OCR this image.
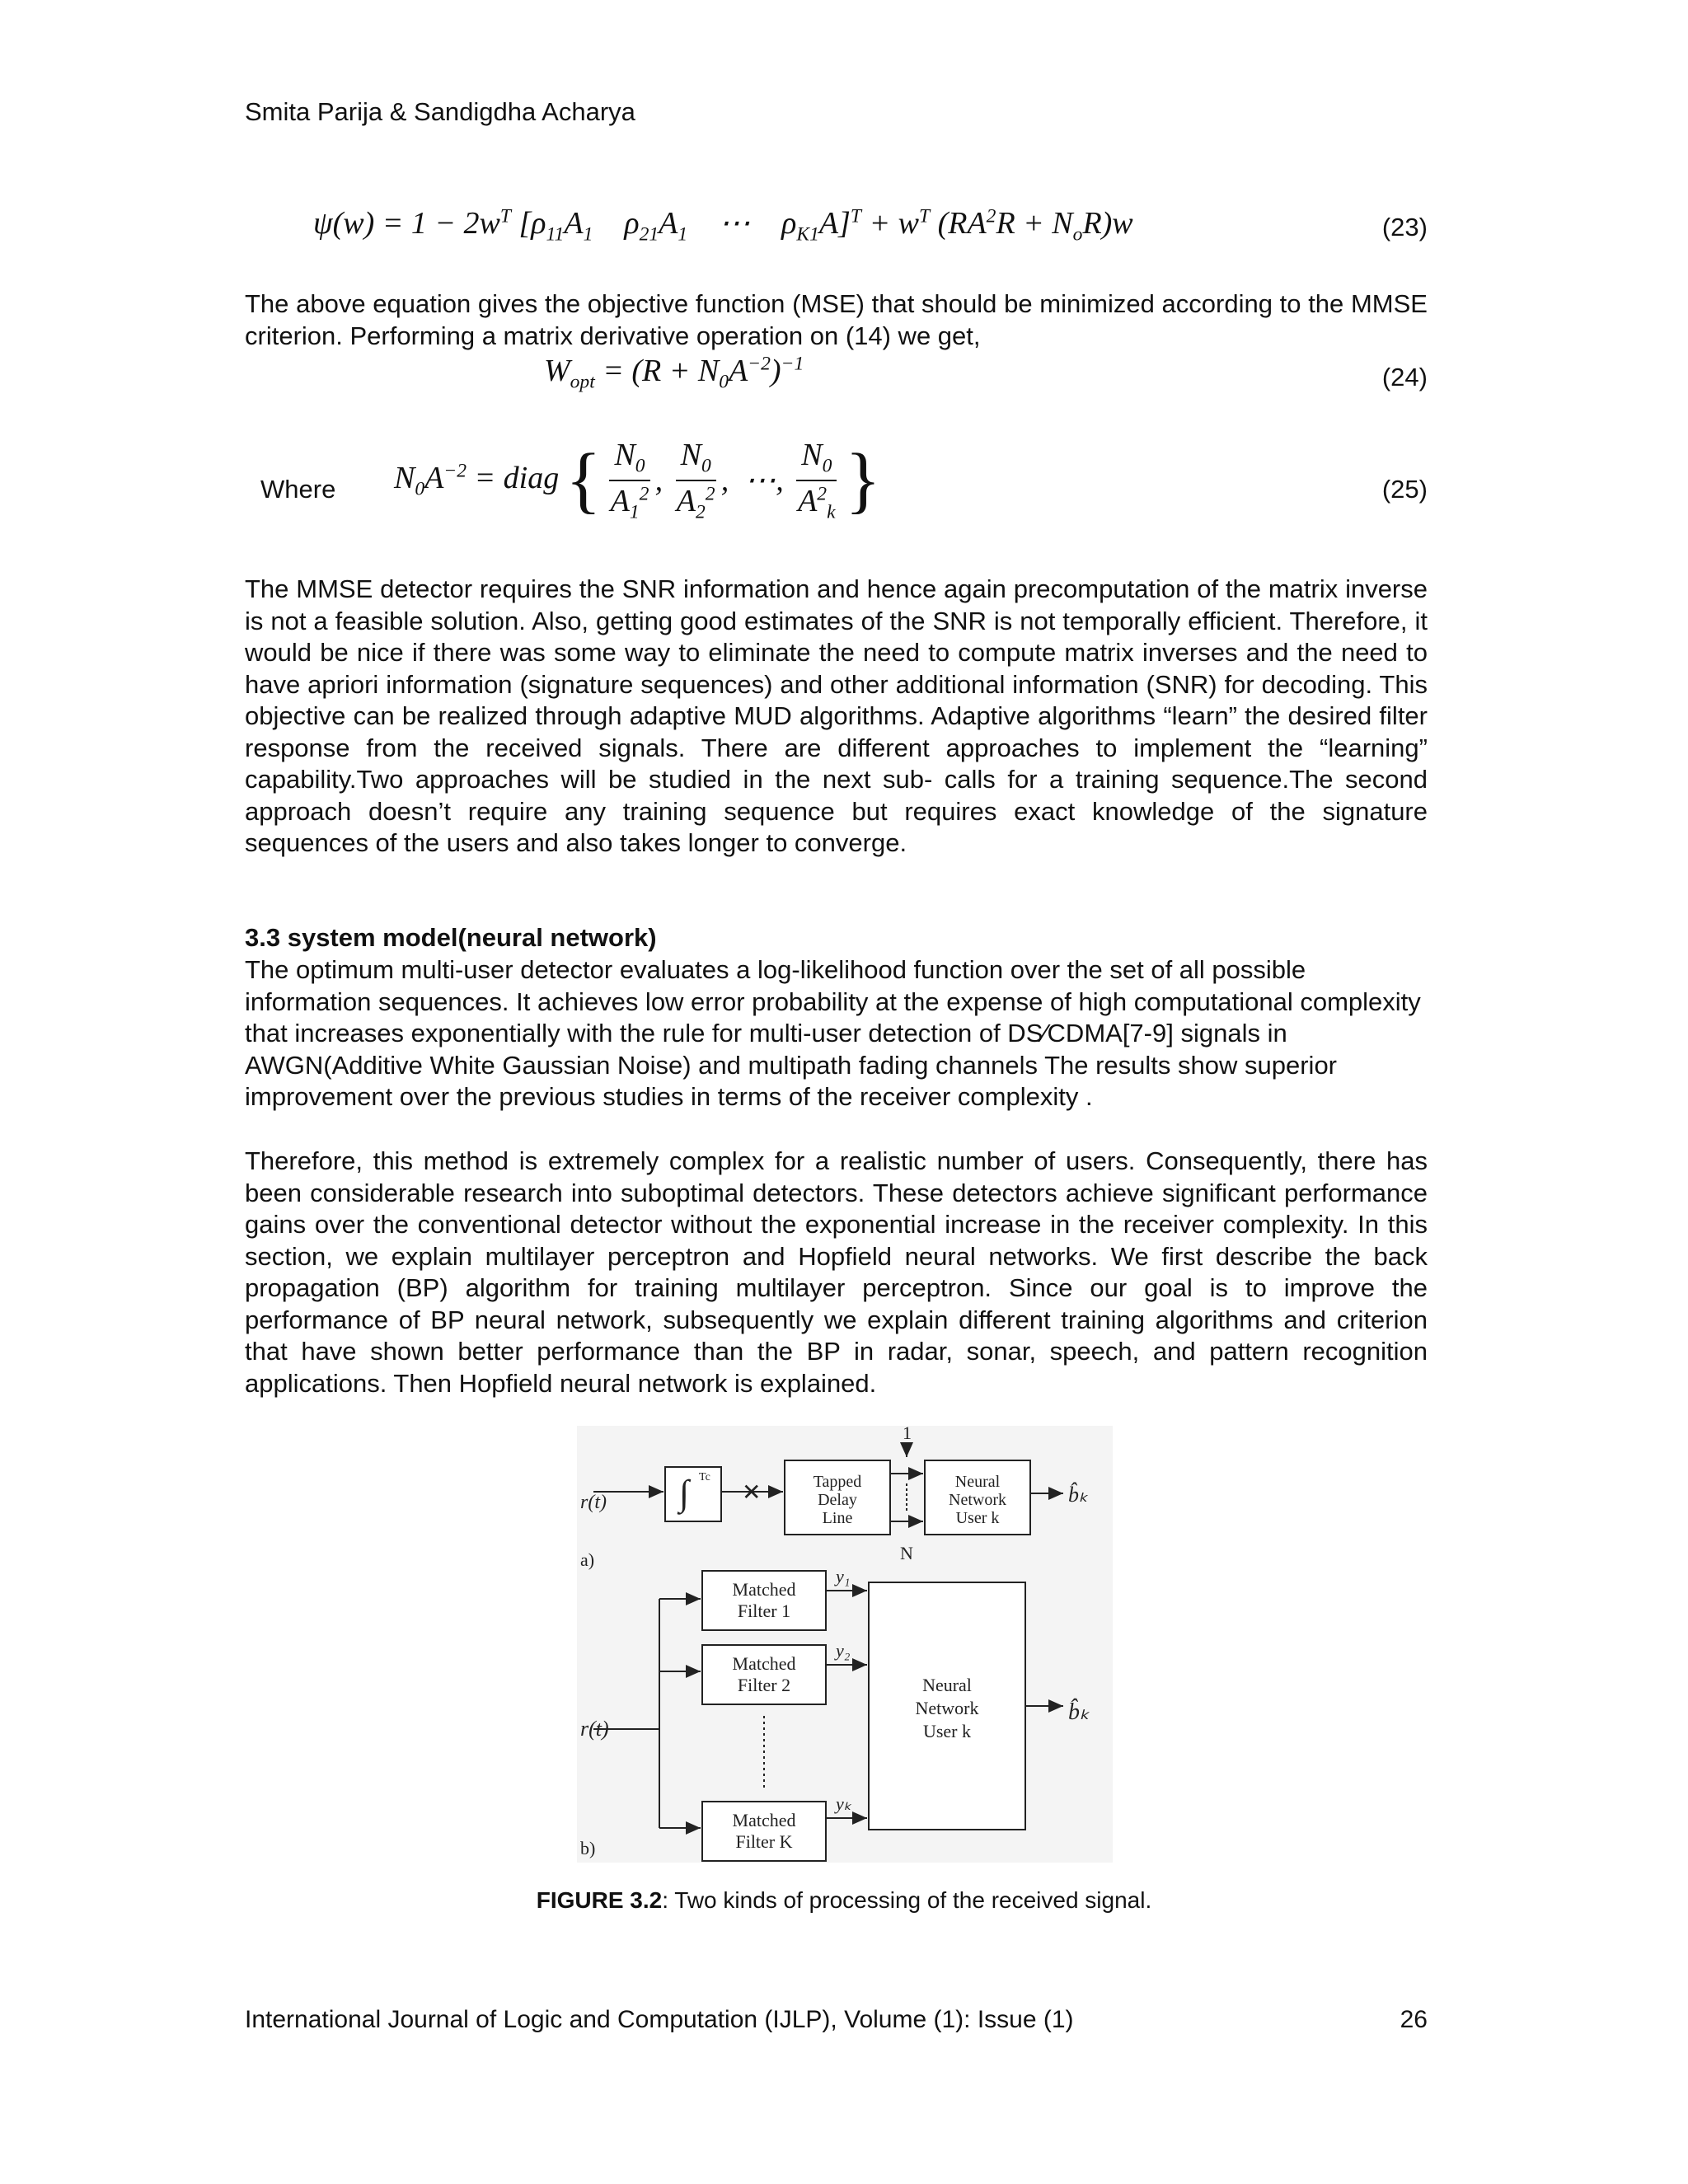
Smita Parija & Sandigdha Acharya
$\psi(w) = 1 - 2w^T$ [$\rho_{11}A_1$    $\rho_{21}A_1$    ⋯    $\rho_{K1}A]^T + w^T$ $(RA^2R + N_oR)w$	(23)

The above equation gives the objective function (MSE) that should be minimized according to the MMSE criterion. Performing a matrix derivative operation on (14) we get,

$W_{opt} = (R + N_0A^{-2})^{-1}$	(24)
Where $N_0A^{-2}$ = diag { $\frac{N_0}{A_1^2}$ , $\frac{N_0}{A_2^2}$ ,  ⋯, $\frac{N_0}{A^2_k}$ }	(25)

The MMSE detector requires the SNR information and hence again precomputation of the matrix inverse is not a feasible solution. Also, getting good estimates of the SNR is not temporally efficient. Therefore, it would be nice if there was some way to eliminate the need to compute matrix inverses and the need to have apriori information (signature sequences) and other additional information (SNR) for decoding. This objective can be realized through adaptive MUD algorithms. Adaptive algorithms “learn” the desired filter response from the received signals. There are different approaches to implement the “learning” capability.Two approaches will be studied in the next sub- calls for a training sequence.The second approach doesn’t require any training sequence but requires exact knowledge of the signature sequences of the users and also takes longer to converge.

3.3 system model(neural network)

The optimum multi-user detector evaluates a log-likelihood function over the set of all possible information sequences. It achieves low error probability at the expense of high computational complexity that increases exponentially with the rule for multi-user detection of DS⁄CDMA[7-9] signals in AWGN(Additive White Gaussian Noise) and multipath fading channels The results show superior improvement over the previous studies in terms of the receiver complexity .

Therefore, this method is extremely complex for a realistic number of users. Consequently, there has been considerable research into suboptimal detectors. These detectors achieve significant performance gains over the conventional detector without the exponential increase in the receiver complexity. In this section, we explain multilayer perceptron and Hopfield neural networks. We first describe the back propagation (BP) algorithm for training multilayer perceptron. Since our goal is to improve the performance of BP neural network, subsequently we explain different training algorithms and criterion that have shown better performance than the BP in radar, sonar, speech, and pattern recognition applications. Then Hopfield neural network is explained.

∫ Tc
✕
r(t)
1
N
Tapped
Delay
Line
Neural
Network
User k
b̂ₖ
a)
r(t)
Matched
Filter 1
Matched
Filter 2
Matched
Filter K
y₁
y₂
yₖ
Neural
Network
User k
b̂ₖ
b)
FIGURE 3.2: Two kinds of processing of the received signal.
International Journal of Logic and Computation (IJLP), Volume (1): Issue (1)	26
